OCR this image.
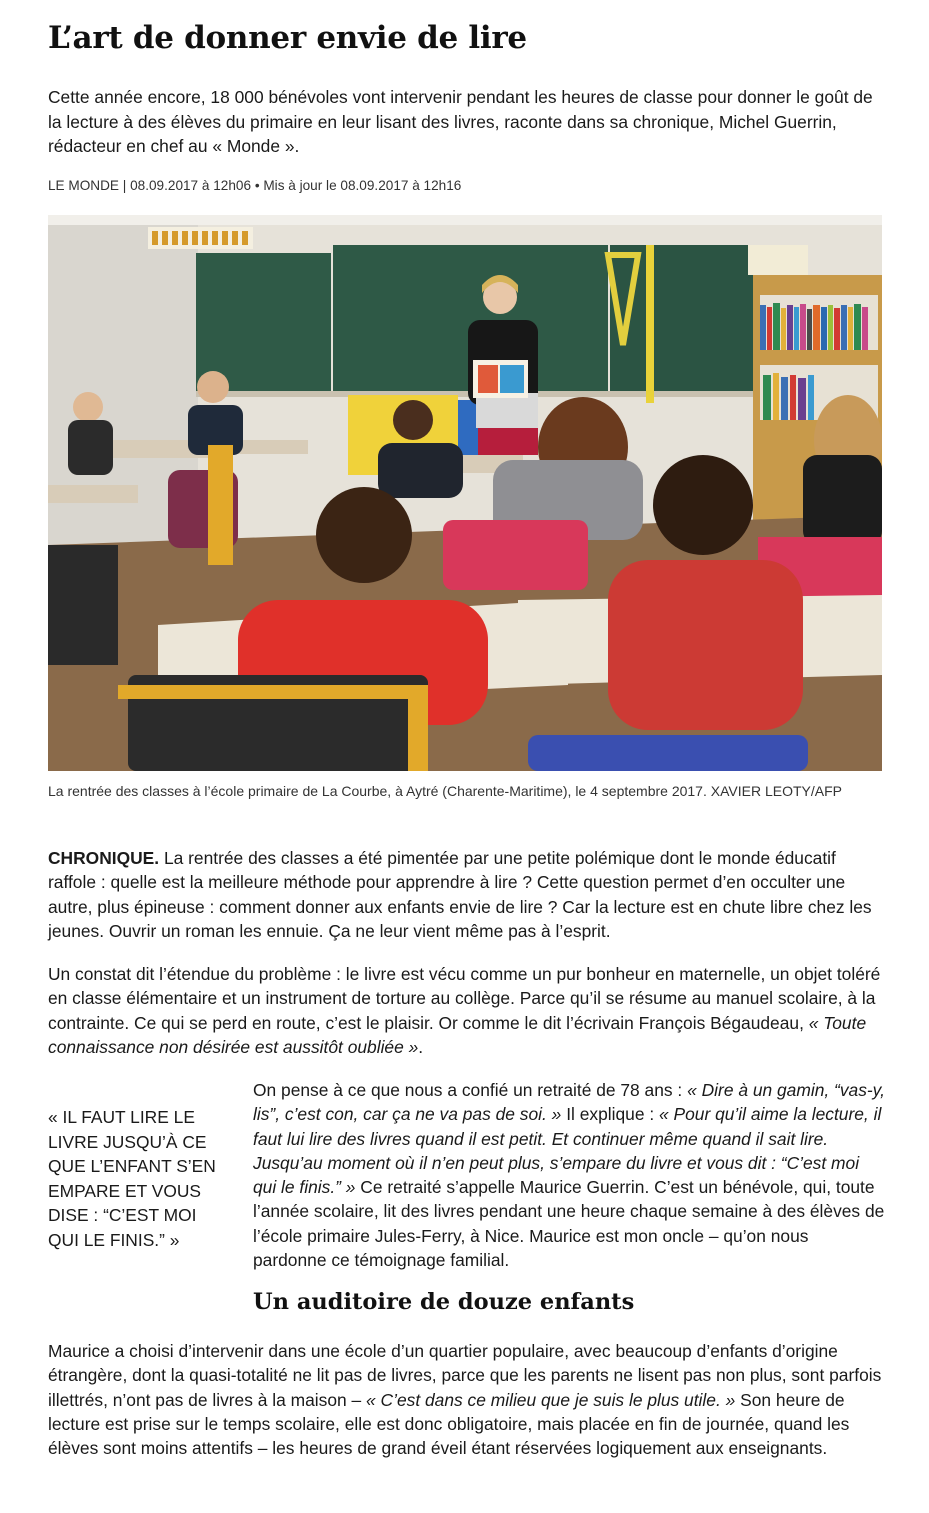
L’art de donner envie de lire

Cette année encore, 18 000 bénévoles vont intervenir pendant les heures de classe pour donner le goût de la lecture à des élèves du primaire en leur lisant des livres, raconte dans sa chronique, Michel Guerrin, rédacteur en chef au « Monde ».

LE MONDE | 08.09.2017 à 12h06 • Mis à jour le 08.09.2017 à 12h16

La rentrée des classes à l’école primaire de La Courbe, à Aytré (Charente-Maritime), le 4 septembre 2017. XAVIER LEOTY/AFP

CHRONIQUE. La rentrée des classes a été pimentée par une petite polémique dont le monde éducatif raffole : quelle est la meilleure méthode pour apprendre à lire ? Cette question permet d’en occulter une autre, plus épineuse : comment donner aux enfants envie de lire ? Car la lecture est en chute libre chez les jeunes. Ouvrir un roman les ennuie. Ça ne leur vient même pas à l’esprit.

Un constat dit l’étendue du problème : le livre est vécu comme un pur bonheur en maternelle, un objet toléré en classe élémentaire et un instrument de torture au collège. Parce qu’il se résume au manuel scolaire, à la contrainte. Ce qui se perd en route, c’est le plaisir. Or comme le dit l’écrivain François Bégaudeau, « Toute connaissance non désirée est aussitôt oubliée ».

« IL FAUT LIRE LE LIVRE JUSQU’À CE QUE L’ENFANT S’EN EMPARE ET VOUS DISE : “C’EST MOI QUI LE FINIS.” »

On pense à ce que nous a confié un retraité de 78 ans : « Dire à un gamin, “vas-y, lis”, c’est con, car ça ne va pas de soi. » Il explique : « Pour qu’il aime la lecture, il faut lui lire des livres quand il est petit. Et continuer même quand il sait lire. Jusqu’au moment où il n’en peut plus, s’empare du livre et vous dit : “C’est moi qui le finis.” » Ce retraité s’appelle Maurice Guerrin. C’est un bénévole, qui, toute l’année scolaire, lit des livres pendant une heure chaque semaine à des élèves de l’école primaire Jules-Ferry, à Nice. Maurice est mon oncle – qu’on nous pardonne ce témoignage familial.

Un auditoire de douze enfants

Maurice a choisi d’intervenir dans une école d’un quartier populaire, avec beaucoup d’enfants d’origine étrangère, dont la quasi-totalité ne lit pas de livres, parce que les parents ne lisent pas non plus, sont parfois illettrés, n’ont pas de livres à la maison – « C’est dans ce milieu que je suis le plus utile. » Son heure de lecture est prise sur le temps scolaire, elle est donc obligatoire, mais placée en fin de journée, quand les élèves sont moins attentifs – les heures de grand éveil étant réservées logiquement aux enseignants.
